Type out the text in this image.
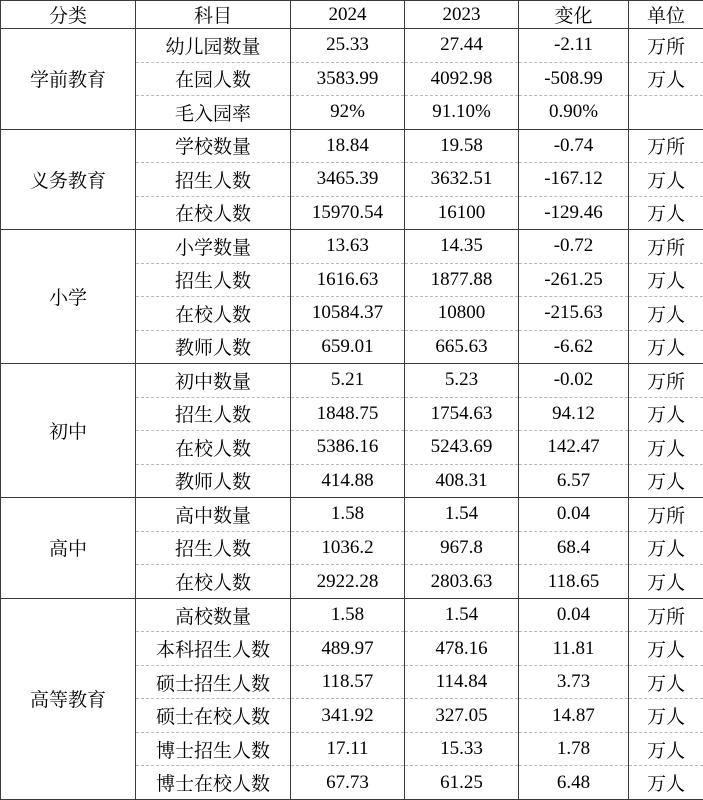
分类	科目	2024	2023	变化	单位
学前教育	幼儿园数量	25.33	27.44	-2.11	万所
	在园人数	3583.99	4092.98	-508.99	万人
	毛入园率	92%	91.10%	0.90%	
义务教育	学校数量	18.84	19.58	-0.74	万所
	招生人数	3465.39	3632.51	-167.12	万人
	在校人数	15970.54	16100	-129.46	万人
小学	小学数量	13.63	14.35	-0.72	万所
	招生人数	1616.63	1877.88	-261.25	万人
	在校人数	10584.37	10800	-215.63	万人
	教师人数	659.01	665.63	-6.62	万人
初中	初中数量	5.21	5.23	-0.02	万所
	招生人数	1848.75	1754.63	94.12	万人
	在校人数	5386.16	5243.69	142.47	万人
	教师人数	414.88	408.31	6.57	万人
高中	高中数量	1.58	1.54	0.04	万所
	招生人数	1036.2	967.8	68.4	万人
	在校人数	2922.28	2803.63	118.65	万人
高等教育	高校数量	1.58	1.54	0.04	万所
	本科招生人数	489.97	478.16	11.81	万人
	硕士招生人数	118.57	114.84	3.73	万人
	硕士在校人数	341.92	327.05	14.87	万人
	博士招生人数	17.11	15.33	1.78	万人
	博士在校人数	67.73	61.25	6.48	万人
